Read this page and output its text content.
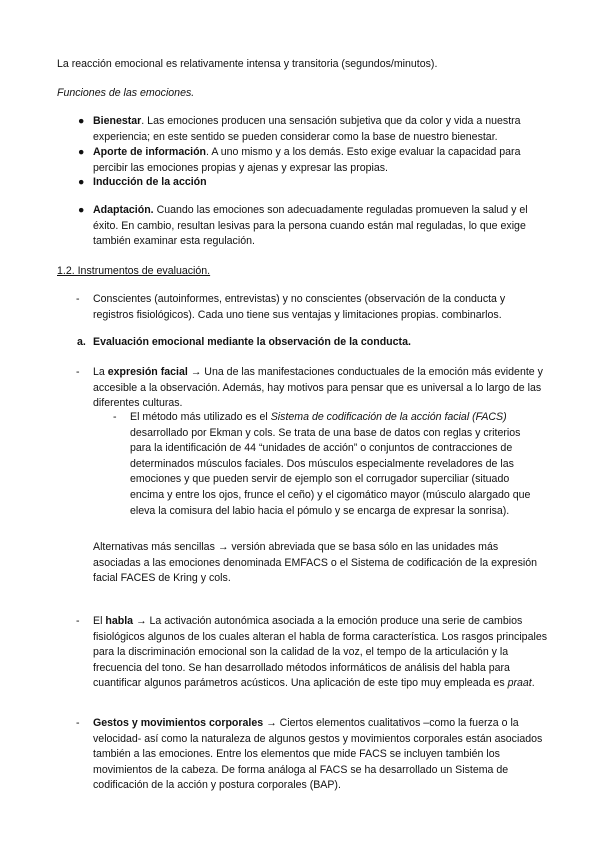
La reacción emocional es relativamente intensa y transitoria (segundos/minutos).

Funciones de las emociones.

● Bienestar. Las emociones producen una sensación subjetiva que da color y vida a nuestra experiencia; en este sentido se pueden considerar como la base de nuestro bienestar.

● Aporte de información. A uno mismo y a los demás. Esto exige evaluar la capacidad para percibir las emociones propias y ajenas y expresar las propias.

● Inducción de la acción

● Adaptación. Cuando las emociones son adecuadamente reguladas promueven la salud y el éxito. En cambio, resultan lesivas para la persona cuando están mal reguladas, lo que exige también examinar esta regulación.

1.2. Instrumentos de evaluación.

- Conscientes (autoinformes, entrevistas) y no conscientes (observación de la conducta y registros fisiológicos). Cada uno tiene sus ventajas y limitaciones propias. combinarlos.

a. Evaluación emocional mediante la observación de la conducta.

- La expresión facial → Una de las manifestaciones conductuales de la emoción más evidente y accesible a la observación. Además, hay motivos para pensar que es universal a lo largo de las diferentes culturas.

- El método más utilizado es el Sistema de codificación de la acción facial (FACS) desarrollado por Ekman y cols. Se trata de una base de datos con reglas y criterios para la identificación de 44 “unidades de acción” o conjuntos de contracciones de determinados músculos faciales. Dos músculos especialmente reveladores de las emociones y que pueden servir de ejemplo son el corrugador superciliar (situado encima y entre los ojos, frunce el ceño) y el cigomático mayor (músculo alargado que eleva la comisura del labio hacia el pómulo y se encarga de expresar la sonrisa).

Alternativas más sencillas → versión abreviada que se basa sólo en las unidades más asociadas a las emociones denominada EMFACS o el Sistema de codificación de la expresión facial FACES de Kring y cols.

- El habla → La activación autonómica asociada a la emoción produce una serie de cambios fisiológicos algunos de los cuales alteran el habla de forma característica. Los rasgos principales para la discriminación emocional son la calidad de la voz, el tempo de la articulación y la frecuencia del tono. Se han desarrollado métodos informáticos de análisis del habla para cuantificar algunos parámetros acústicos. Una aplicación de este tipo muy empleada es praat.

- Gestos y movimientos corporales → Ciertos elementos cualitativos –como la fuerza o la velocidad- así como la naturaleza de algunos gestos y movimientos corporales están asociados también a las emociones. Entre los elementos que mide FACS se incluyen también los movimientos de la cabeza. De forma análoga al FACS se ha desarrollado un Sistema de codificación de la acción y postura corporales (BAP).
